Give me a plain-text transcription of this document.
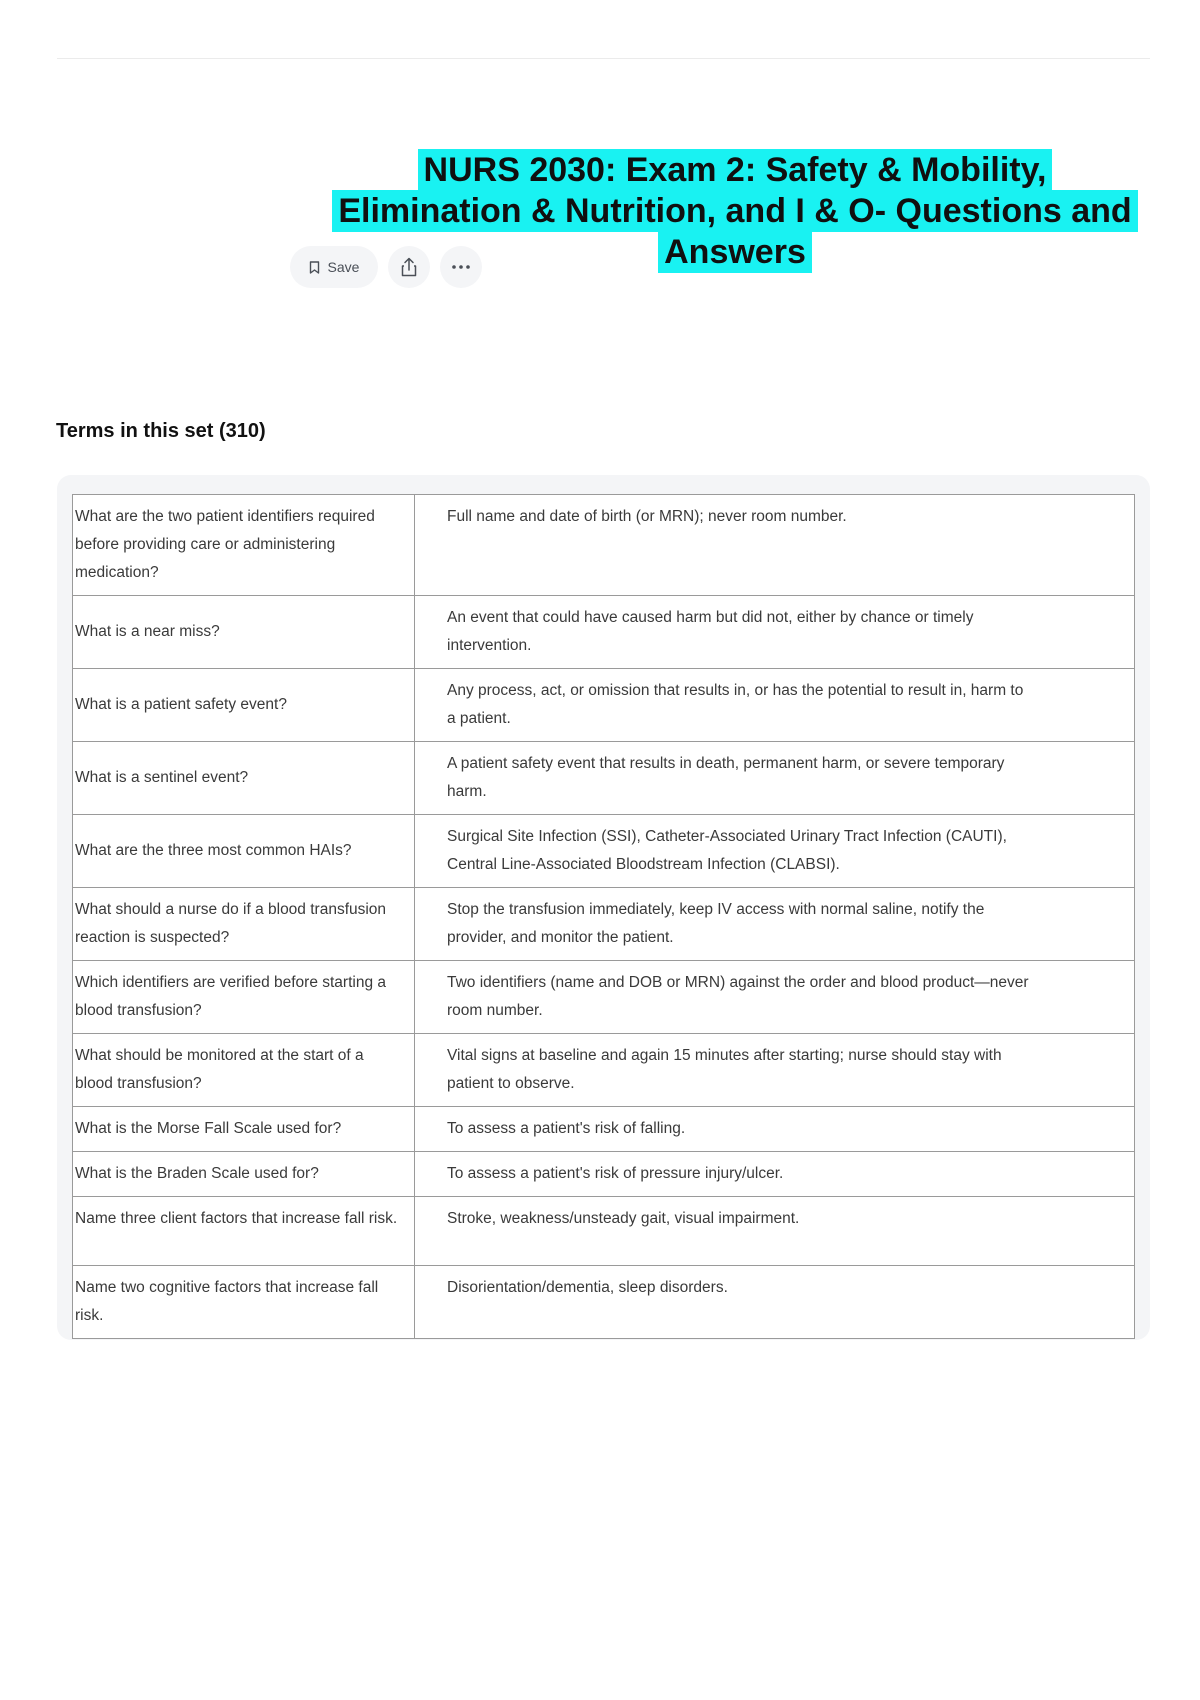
NURS 2030: Exam 2: Safety & Mobility, Elimination & Nutrition, and I & O- Questions and Answers
Save
Terms in this set (310)
What are the two patient identifiers required before providing care or administering medication?	Full name and date of birth (or MRN); never room number.
What is a near miss?	An event that could have caused harm but did not, either by chance or timely intervention.
What is a patient safety event?	Any process, act, or omission that results in, or has the potential to result in, harm to a patient.
What is a sentinel event?	A patient safety event that results in death, permanent harm, or severe temporary harm.
What are the three most common HAIs?	Surgical Site Infection (SSI), Catheter-Associated Urinary Tract Infection (CAUTI), Central Line-Associated Bloodstream Infection (CLABSI).
What should a nurse do if a blood transfusion reaction is suspected?	Stop the transfusion immediately, keep IV access with normal saline, notify the provider, and monitor the patient.
Which identifiers are verified before starting a blood transfusion?	Two identifiers (name and DOB or MRN) against the order and blood product—never room number.
What should be monitored at the start of a blood transfusion?	Vital signs at baseline and again 15 minutes after starting; nurse should stay with patient to observe.
What is the Morse Fall Scale used for?	To assess a patient's risk of falling.
What is the Braden Scale used for?	To assess a patient's risk of pressure injury/ulcer.
Name three client factors that increase fall risk.	Stroke, weakness/unsteady gait, visual impairment.
Name two cognitive factors that increase fall risk.	Disorientation/dementia, sleep disorders.
